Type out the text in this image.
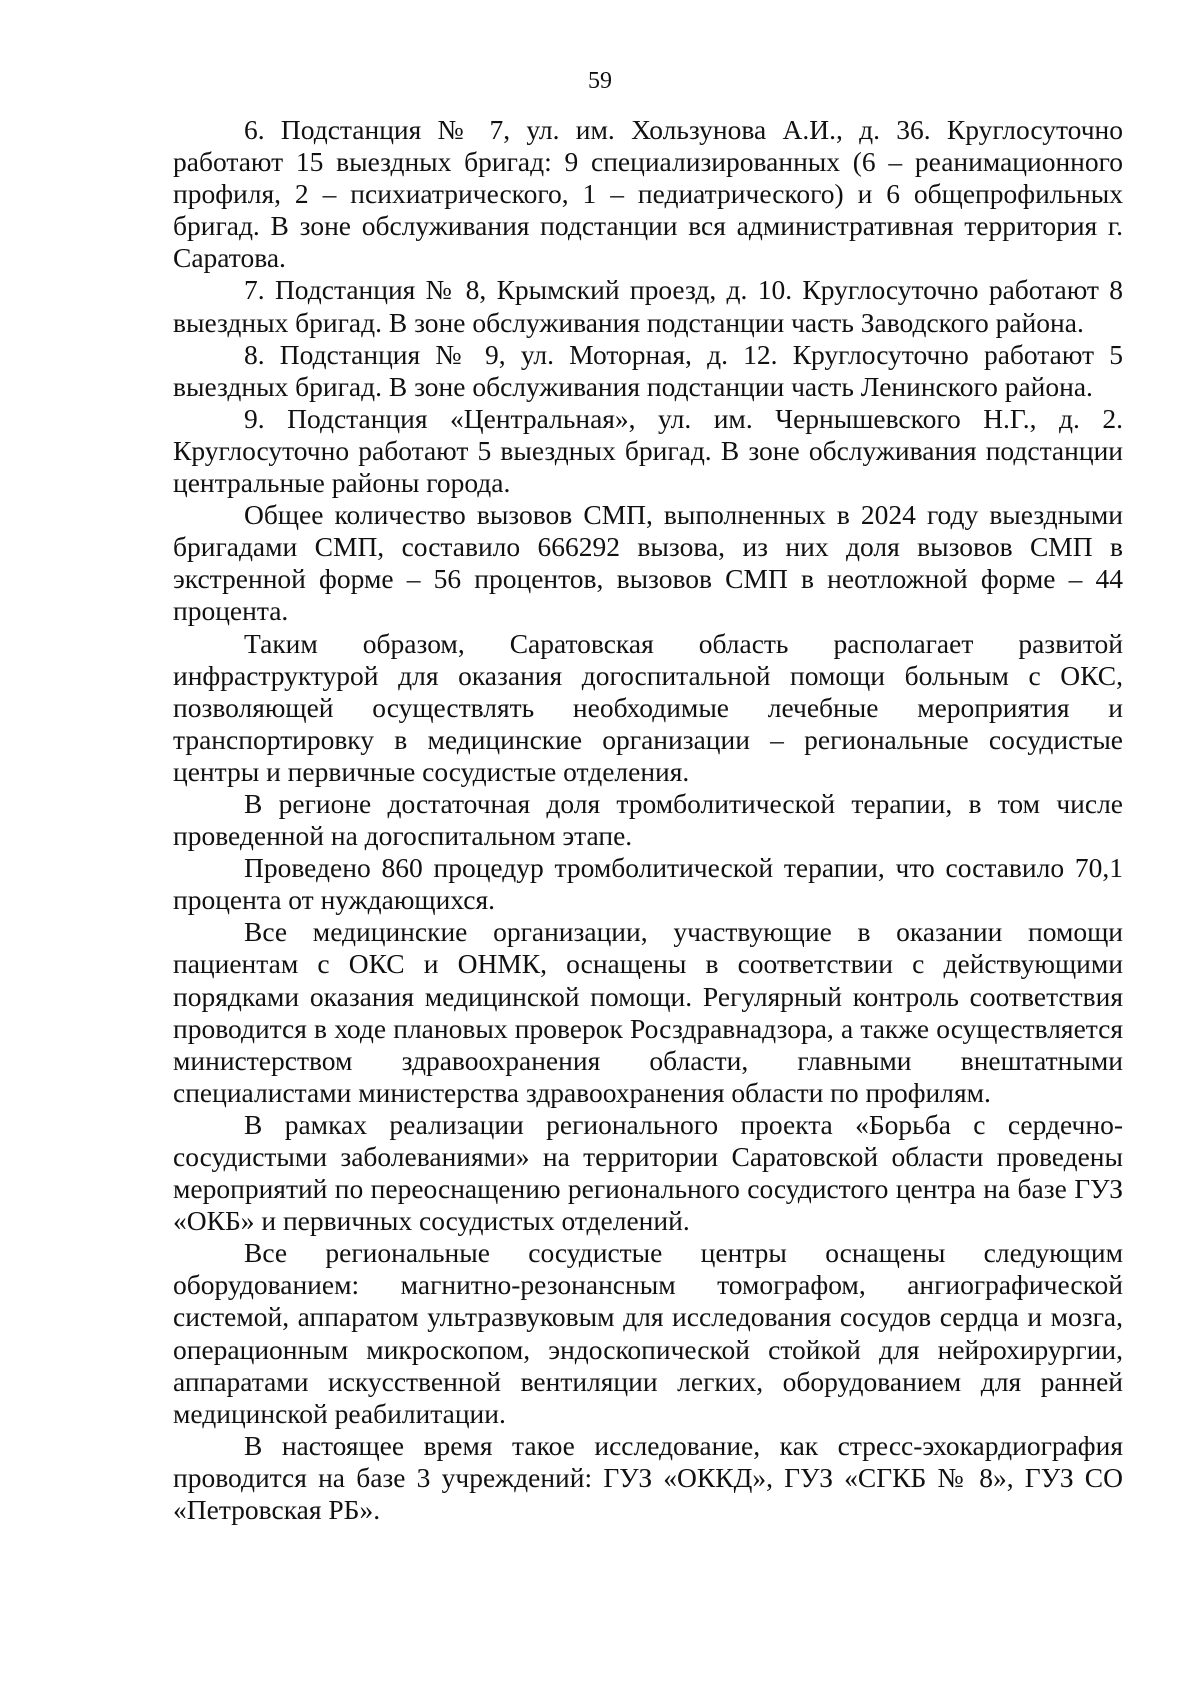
59

6. Подстанция № 7, ул. им. Хользунова А.И., д. 36. Круглосуточно работают 15 выездных бригад: 9 специализированных (6 – реанимационного профиля, 2 – психиатрического, 1 – педиатрического) и 6 общепрофильных бригад. В зоне обслуживания подстанции вся административная территория г. Саратова.

7. Подстанция № 8, Крымский проезд, д. 10. Круглосуточно работают 8 выездных бригад. В зоне обслуживания подстанции часть Заводского района.

8. Подстанция № 9, ул. Моторная, д. 12. Круглосуточно работают 5 выездных бригад. В зоне обслуживания подстанции часть Ленинского района.

9. Подстанция «Центральная», ул. им. Чернышевского Н.Г., д. 2. Круглосуточно работают 5 выездных бригад. В зоне обслуживания подстанции центральные районы города.

Общее количество вызовов СМП, выполненных в 2024 году выездными бригадами СМП, составило 666292 вызова, из них доля вызовов СМП в экстренной форме – 56 процентов, вызовов СМП в неотложной форме – 44 процента.

Таким образом, Саратовская область располагает развитой инфраструктурой для оказания догоспитальной помощи больным с ОКС, позволяющей осуществлять необходимые лечебные мероприятия и транспортировку в медицинские организации – региональные сосудистые центры и первичные сосудистые отделения.

В регионе достаточная доля тромболитической терапии, в том числе проведенной на догоспитальном этапе.

Проведено 860 процедур тромболитической терапии, что составило 70,1 процента от нуждающихся.

Все медицинские организации, участвующие в оказании помощи пациентам с ОКС и ОНМК, оснащены в соответствии с действующими порядками оказания медицинской помощи. Регулярный контроль соответствия проводится в ходе плановых проверок Росздравнадзора, а также осуществляется министерством здравоохранения области, главными внештатными специалистами министерства здравоохранения области по профилям.

В рамках реализации регионального проекта «Борьба с сердечно-сосудистыми заболеваниями» на территории Саратовской области проведены мероприятий по переоснащению регионального сосудистого центра на базе ГУЗ «ОКБ» и первичных сосудистых отделений.

Все региональные сосудистые центры оснащены следующим оборудованием: магнитно-резонансным томографом, ангиографической системой, аппаратом ультразвуковым для исследования сосудов сердца и мозга, операционным микроскопом, эндоскопической стойкой для нейрохирургии, аппаратами искусственной вентиляции легких, оборудованием для ранней медицинской реабилитации.

В настоящее время такое исследование, как стресс-эхокардиография проводится на базе 3 учреждений: ГУЗ «ОККД», ГУЗ «СГКБ № 8», ГУЗ СО «Петровская РБ».
